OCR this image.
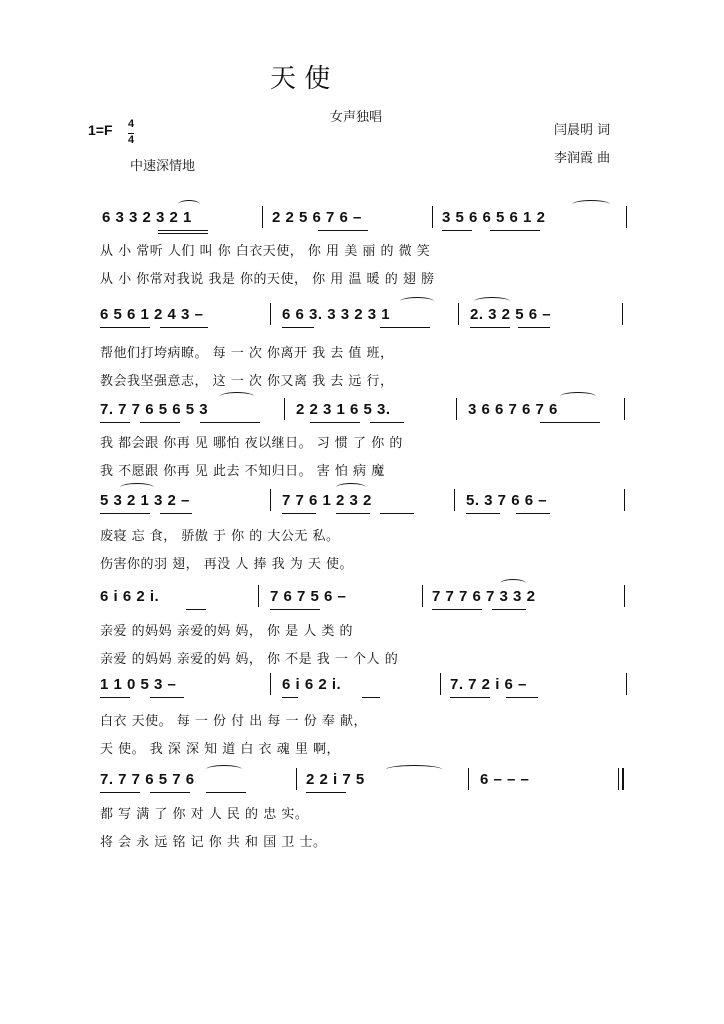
天 使
女声独唱
1=F 4
4
中速深情地
闫晨明 词
李润霞 曲
6 3 3 2 3 2 1	2 2 5 6 7 6 –	3 5 6 6 5 6 1 2
从 小 常听 人们 叫 你 白衣天使， 你 用 美 丽 的 微 笑
从 小 你常对我说 我是 你的天使， 你 用 温 暖 的 翅 膀
6 5 6 1 2 4 3 –	6 6 3. 3 3 2 3 1	2. 3 2 5 6 –
帮他们打垮病瞭。 每 一 次 你离开 我 去 值 班，
教会我坚强意志， 这 一 次 你又离 我 去 远 行，
7. 7 7 6 5 6 5 3	2 2 3 1 6 5 3.	3 6 6 7 6 7 6
我 都会跟 你再 见 哪怕 夜以继日。 习 惯 了 你 的
我 不愿跟 你再 见 此去 不知归日。 害 怕 病 魔
5 3 2 1 3 2 –	7 7 6 1 2 3 2	5. 3 7 6 6 –
废寝 忘 食， 骄傲 于 你 的 大公无 私。
伤害你的羽 翅， 再没 人 捧 我 为 天 使。
6 i 6 2 i.	7 6 7 5 6 –	7 7 7 6 7 3 3 2
亲爱 的妈妈 亲爱的妈 妈， 你 是 人 类 的
亲爱 的妈妈 亲爱的妈 妈， 你 不是 我 一 个人 的
1 1 0 5 3 –	6 i 6 2 i.	7. 7 2 i 6 –
白衣 天使。 每 一 份 付 出 每 一 份 奉 献，
天 使。 我 深 深 知 道 白 衣 魂 里 啊，
7. 7 7 6 5 7 6	2 2 i 7 5	6 – – –
都 写 满 了 你 对 人 民 的 忠 实。
将 会 永 远 铭 记 你 共 和 国 卫 士。
